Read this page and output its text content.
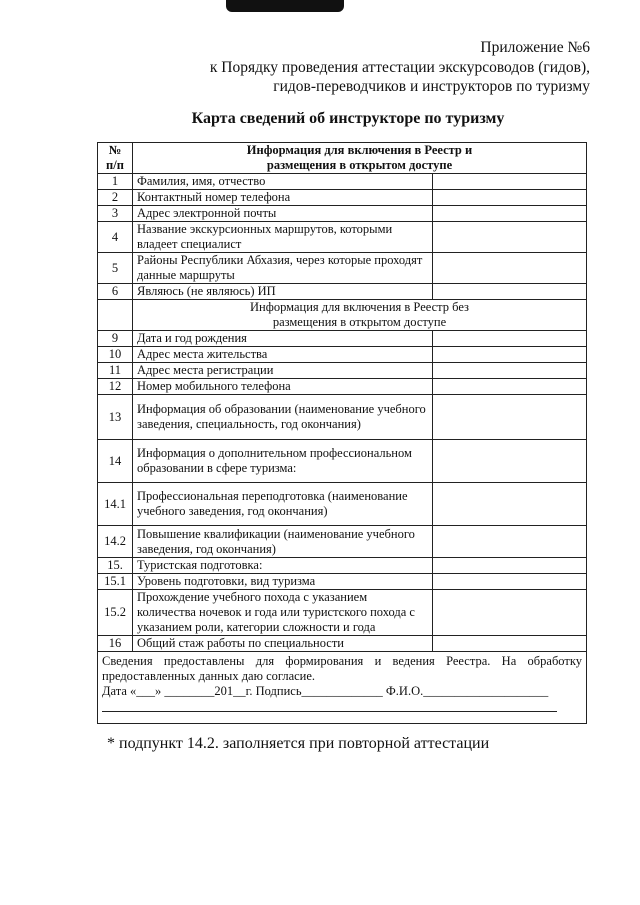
Приложение №6
к Порядку проведения аттестации экскурсоводов (гидов),
гидов-переводчиков и инструкторов по туризму
Карта сведений об инструкторе по туризму
№ п/п	Информация для включения в Реестр и размещения в открытом доступе	
1	Фамилия, имя, отчество	
2	Контактный номер телефона	
3	Адрес электронной почты	
4	Название экскурсионных маршрутов, которыми владеет специалист	
5	Районы Республики Абхазия, через которые проходят данные маршруты	
6	Являюсь (не являюсь) ИП	
	Информация для включения в Реестр без размещения в открытом доступе	
9	Дата и год рождения	
10	Адрес места жительства	
11	Адрес места регистрации	
12	Номер мобильного телефона	
13	Информация об образовании (наименование учебного заведения, специальность, год окончания)	
14	Информация о дополнительном профессиональном образовании в сфере туризма:	
14.1	Профессиональная переподготовка (наименование учебного заведения, год окончания)	
14.2	Повышение квалификации (наименование учебного заведения, год окончания)	
15.	Туристская подготовка:	
15.1	Уровень подготовки, вид туризма	
15.2	Прохождение учебного похода с указанием количества ночевок и года или туристского похода с указанием роли, категории сложности и года	
16	Общий стаж работы по специальности	

Сведения предоставлены для формирования и ведения Реестра. На обработку
предоставленных данных даю согласие.
Дата «___» ________201__г. Подпись_____________ Ф.И.О.____________________		
* подпункт 14.2. заполняется при повторной аттестации
